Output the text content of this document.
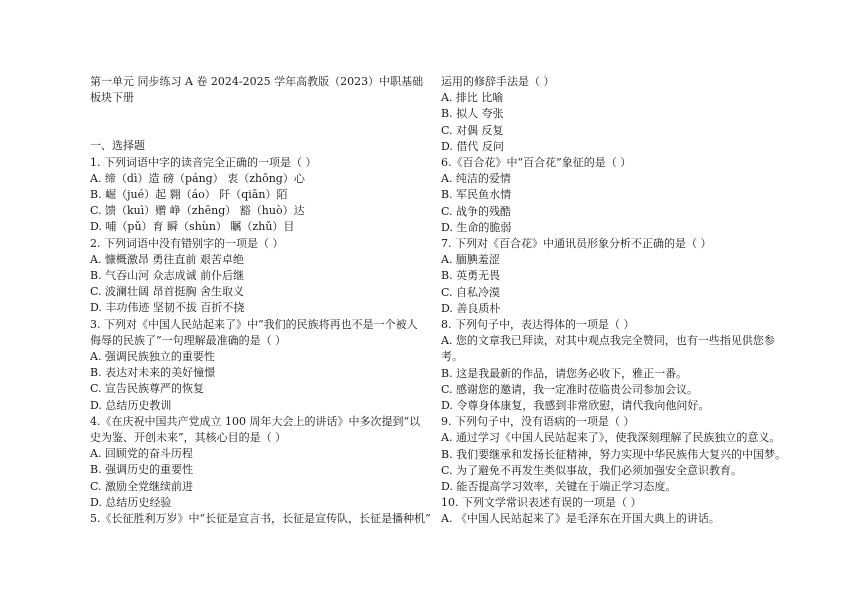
第一单元 同步练习 A 卷 2024-2025 学年高教版（2023）中职基础板块下册
一、选择题
1. 下列词语中字的读音完全正确的一项是（ ）
A. 缔（dì）造 磅（páng） 衷（zhōng）心
B. 崛（jué）起 翱（áo） 阡（qiān）陌
C. 馈（kuì）赠 峥（zhēng） 豁（huò）达
D. 哺（pǔ）育 瞬（shùn） 瞩（zhǔ）目
2. 下列词语中没有错别字的一项是（ ）
A. 慷概激昂 勇往直前 艰苦卓绝
B. 气吞山河 众志成诚 前仆后继
C. 波澜壮阔 昂首挺胸 舍生取义
D. 丰功伟迹 坚韧不拔 百折不挠
3. 下列对《中国人民站起来了》中“我们的民族将再也不是一个被人侮辱的民族了”一句理解最准确的是（ ）
A. 强调民族独立的重要性
B. 表达对未来的美好憧憬
C. 宣告民族尊严的恢复
D. 总结历史教训
4.《在庆祝中国共产党成立 100 周年大会上的讲话》中多次提到“以史为鉴、开创未来”，其核心目的是（ ）
A. 回顾党的奋斗历程
B. 强调历史的重要性
C. 激励全党继续前进
D. 总结历史经验
5.《长征胜利万岁》中“长征是宣言书，长征是宣传队，长征是播种机”
运用的修辞手法是（ ）
A. 排比 比喻
B. 拟人 夸张
C. 对偶 反复
D. 借代 反问
6.《百合花》中“百合花”象征的是（ ）
A. 纯洁的爱情
B. 军民鱼水情
C. 战争的残酷
D. 生命的脆弱
7. 下列对《百合花》中通讯员形象分析不正确的是（ ）
A. 腼腆羞涩
B. 英勇无畏
C. 自私冷漠
D. 善良质朴
8. 下列句子中，表达得体的一项是（ ）
A. 您的文章我已拜读，对其中观点我完全赞同，也有一些指见供您参考。
B. 这是我最新的作品，请您务必收下，雅正一番。
C. 感谢您的邀请，我一定准时莅临贵公司参加会议。
D. 令尊身体康复，我感到非常欣慰，请代我向他问好。
9. 下列句子中，没有语病的一项是（ ）
A. 通过学习《中国人民站起来了》，使我深刻理解了民族独立的意义。
B. 我们要继承和发扬长征精神，努力实现中华民族伟大复兴的中国梦。
C. 为了避免不再发生类似事故，我们必须加强安全意识教育。
D. 能否提高学习效率，关键在于端正学习态度。
10. 下列文学常识表述有误的一项是（ ）
A. 《中国人民站起来了》是毛泽东在开国大典上的讲话。
